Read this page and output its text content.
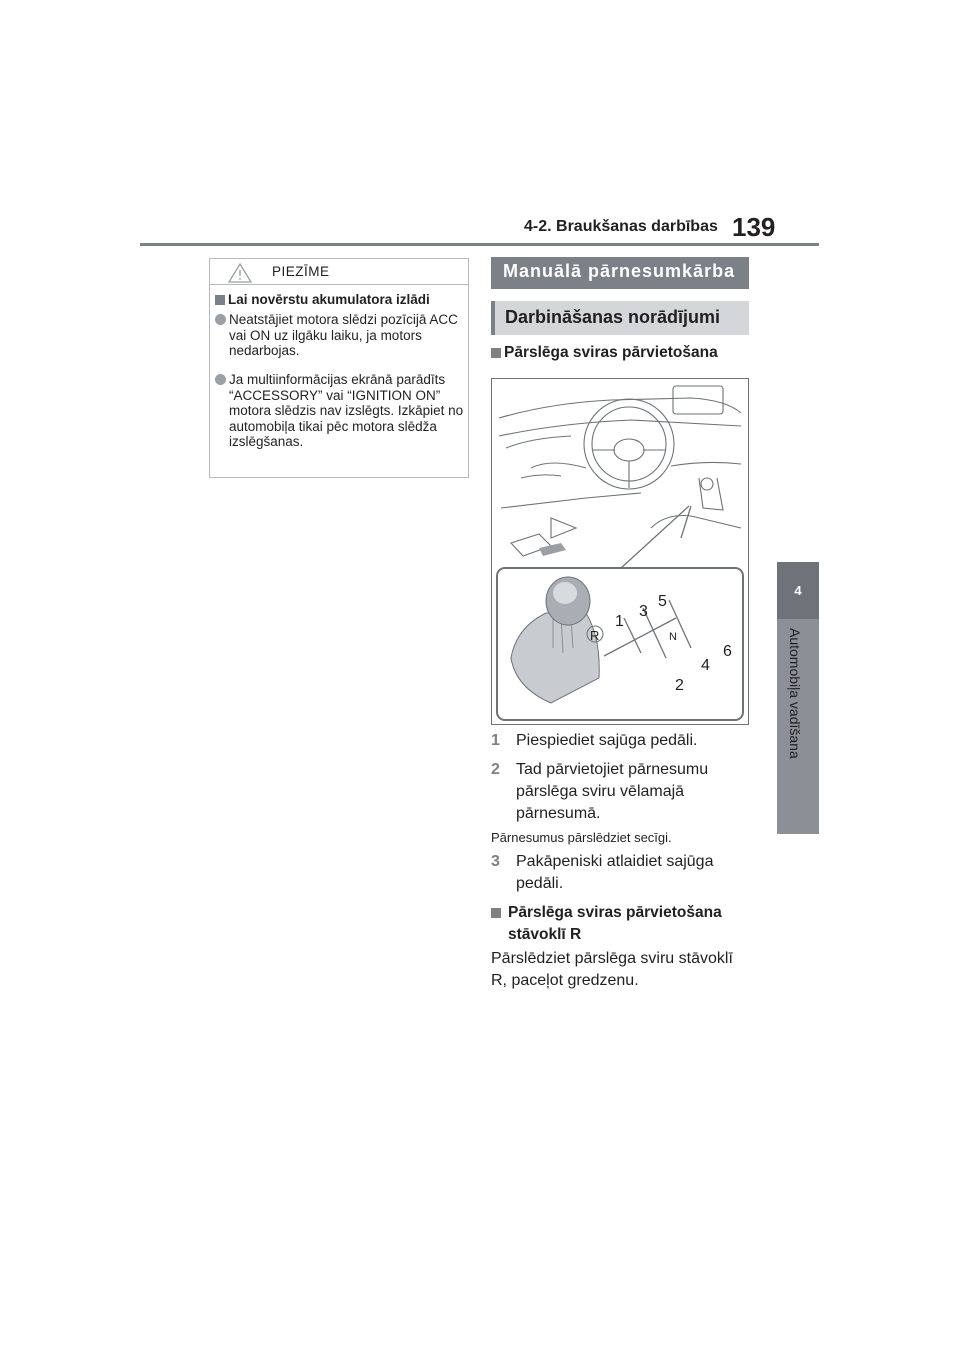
4-2. Braukšanas darbības 139
4
Automobiļa vadīšana
PIEZĪME
Lai novērstu akumulatora izlādi
Neatstājiet motora slēdzi pozīcijā ACC vai ON uz ilgāku laiku, ja motors nedarbojas.
Ja multiinformācijas ekrānā parādīts “ACCESSORY” vai “IGNITION ON” motora slēdzis nav izslēgts. Izkāpiet no automobiļa tikai pēc motora slēdža izslēgšanas.
Manuālā pārnesumkārba
Darbināšanas norādījumi
Pārslēga sviras pārvietošana
R
1
2
3
4
5
6
N
1 Piespiediet sajūga pedāli.
2 Tad pārvietojiet pārnesumu pārslēga sviru vēlamajā pārnesumā.
Pārnesumus pārslēdziet secīgi.
3 Pakāpeniski atlaidiet sajūga pedāli.
Pārslēga sviras pārvietošana stāvoklī R
Pārslēdziet pārslēga sviru stāvoklī R, paceļot gredzenu.
